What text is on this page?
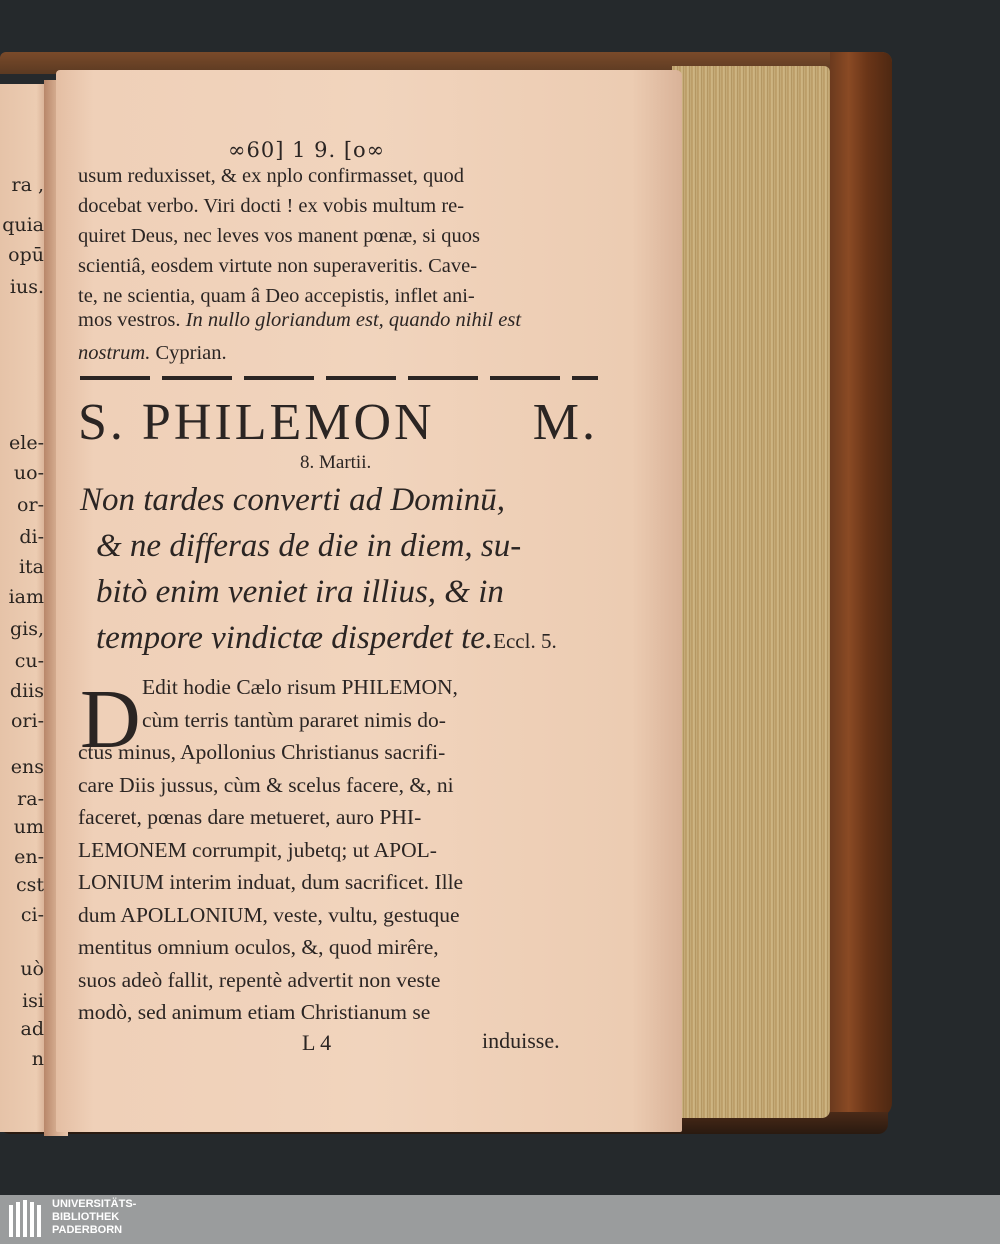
ra ,
quia
opū
ius.
ele-
uo-
or-
di-
ita
iam
gis,
cu-
diis
ori-
ens
ra-
um
en-
cst
ci-
uò
isi
ad
n
∞60] 1 9. [o∞
usum reduxisset, & ex nplo confirmasset, quod
docebat verbo. Viri docti ! ex vobis multum re-
quiret Deus, nec leves vos manent pœnæ, si quos
scientiâ, eosdem virtute non superaveritis. Cave-
te, ne scientia, quam â Deo accepistis, inflet ani-
mos vestros. In nullo gloriandum est, quando nihil est
nostrum. Cyprian.
S. PHILEMON M.
8. Martii.
Non tardes converti ad Dominū,
& ne differas de die in diem, su-
bitò enim veniet ira illius, & in
tempore vindictæ disperdet te.Eccl. 5.
D Edit hodie Cælo risum PHILEMON,
cùm terris tantùm pararet nimis do-
ctus minus, Apollonius Christianus sacrifi-
care Diis jussus, cùm & scelus facere, &, ni
faceret, pœnas dare metueret, auro PHI-
LEMONEM corrumpit, jubetq; ut APOL-
LONIUM interim induat, dum sacrificet. Ille
dum APOLLONIUM, veste, vultu, gestuque
mentitus omnium oculos, &, quod mirêre,
suos adeò fallit, repentè advertit non veste
modò, sed animum etiam Christianum se
L 4	induisse.
UNIVERSITÄTS-
BIBLIOTHEK
PADERBORN
